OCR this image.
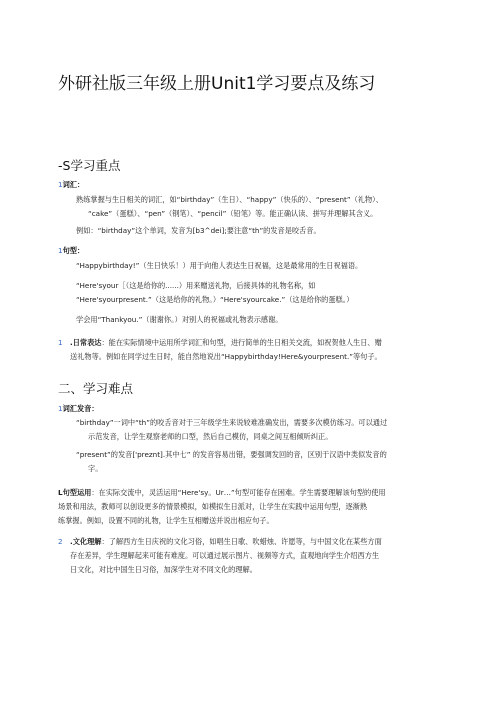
外研社版三年级上册Unit1学习要点及练习
-S学习重点
1词汇：
熟练掌握与生日相关的词汇，如“birthday”（生日）、“happy”（快乐的）、“present”（礼物）、
“cake”（蛋糕）、“pen”（钢笔）、“pencil”（铅笔）等。能正确认读、拼写并理解其含义。
例如：“birthday”这个单词，发音为[b3^dei];要注意“th”的发音是咬舌音。
1句型：
“Happybirthday!”（生日快乐！）用于向他人表达生日祝福，这是最常用的生日祝福语。
“Here'syour［（这是给你的......）用来赠送礼物，后接具体的礼物名称，如
“Here'syourpresent.”（这是给你的礼物。）“Here'syourcake.”（这是给你的蛋糕。）
学会用“Thankyou.”（谢谢你。）对别人的祝福或礼物表示感谢。
1 .日常表达：能在实际情境中运用所学词汇和句型，进行简单的生日相关交流，如祝贺他人生日、赠
送礼物等。例如在同学过生日时，能自然地说出“Happybirthday!Here&yourpresent.”等句子。
二、学习难点
1词汇发音：
“birthday”一词中“th”的咬舌音对于三年级学生来说较难准确发出，需要多次模仿练习。可以通过
示范发音，让学生观察老师的口型，然后自己模仿，同桌之间互相倾听纠正。
“present”的发音['preznt].其中七” 的发音容易出错，要强调发回的音，区别于汉语中类似发音的
字。
L句型运用：在实际交流中，灵活运用“Here'sy。Ur…”句型可能存在困难。学生需要理解该句型的使用
场景和用法，教师可以创设更多的情景模拟，如模拟生日派对，让学生在实践中运用句型，逐渐熟
练掌握。例如，设置不同的礼物，让学生互相赠送并说出相应句子。
2 .文化理解：了解西方生日庆祝的文化习俗，如唱生日歌、吹蜡烛、许愿等，与中国文化在某些方面
存在差异，学生理解起来可能有难度。可以通过展示图片、视频等方式，直观地向学生介绍西方生
日文化，对比中国生日习俗，加深学生对不同文化的理解。
